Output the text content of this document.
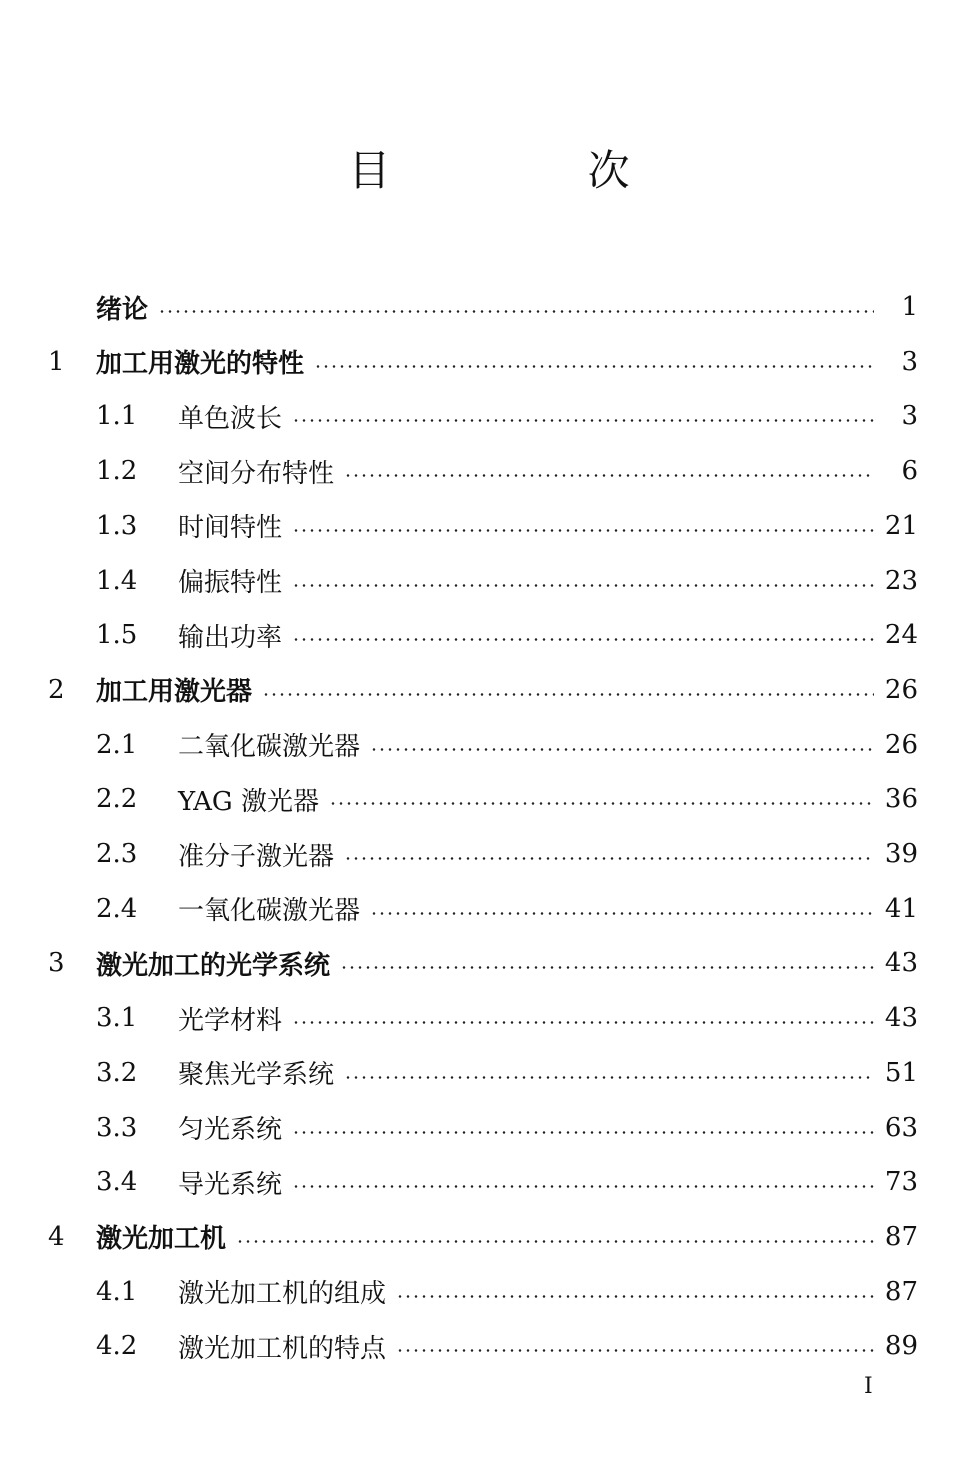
目 次
绪论	1
1 加工用激光的特性	3
1.1 单色波长	3
1.2 空间分布特性	6
1.3 时间特性	21
1.4 偏振特性	23
1.5 输出功率	24
2 加工用激光器	26
2.1 二氧化碳激光器	26
2.2 YAG 激光器	36
2.3 准分子激光器	39
2.4 一氧化碳激光器	41
3 激光加工的光学系统	43
3.1 光学材料	43
3.2 聚焦光学系统	51
3.3 匀光系统	63
3.4 导光系统	73
4 激光加工机	87
4.1 激光加工机的组成	87
4.2 激光加工机的特点	89
I
